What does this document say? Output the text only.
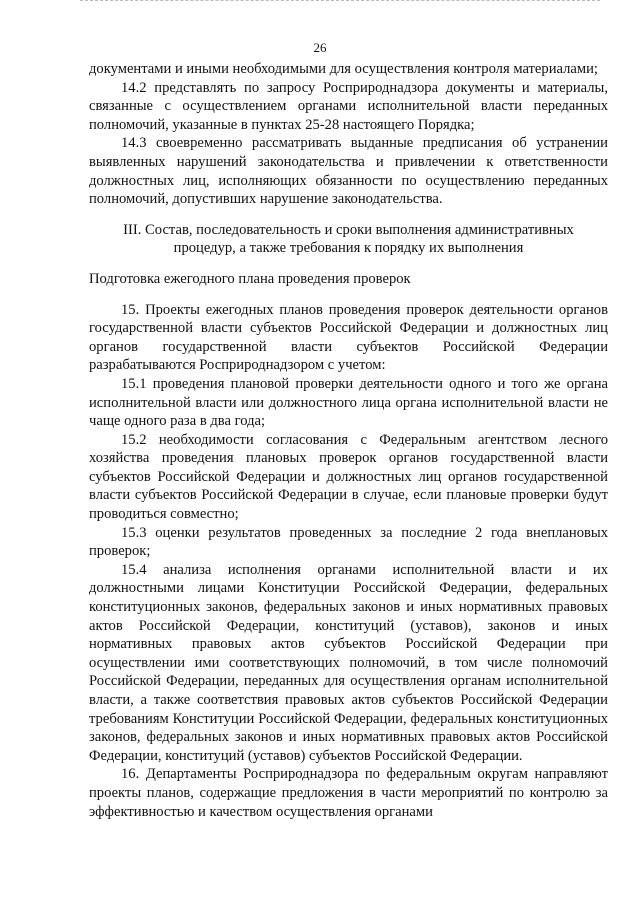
26

документами и иными необходимыми для осуществления контроля материалами;

14.2 представлять по запросу Росприроднадзора документы и материалы, связанные с осуществлением органами исполнительной власти переданных полномочий, указанные в пунктах 25-28 настоящего Порядка;

14.3 своевременно рассматривать выданные предписания об устранении выявленных нарушений законодательства и привлечении к ответственности должностных лиц, исполняющих обязанности по осуществлению переданных полномочий, допустивших нарушение законодательства.

III. Состав, последовательность и сроки выполнения административных
процедур, а также требования к порядку их выполнения

Подготовка ежегодного плана проведения проверок

15. Проекты ежегодных планов проведения проверок деятельности органов государственной власти субъектов Российской Федерации и должностных лиц органов государственной власти субъектов Российской Федерации разрабатываются Росприроднадзором с учетом:

15.1 проведения плановой проверки деятельности одного и того же органа исполнительной власти или должностного лица органа исполнительной власти не чаще одного раза в два года;

15.2 необходимости согласования с Федеральным агентством лесного хозяйства проведения плановых проверок органов государственной власти субъектов Российской Федерации и должностных лиц органов государственной власти субъектов Российской Федерации в случае, если плановые проверки будут проводиться совместно;

15.3 оценки результатов проведенных за последние 2 года внеплановых проверок;

15.4 анализа исполнения органами исполнительной власти и их должностными лицами Конституции Российской Федерации, федеральных конституционных законов, федеральных законов и иных нормативных правовых актов Российской Федерации, конституций (уставов), законов и иных нормативных правовых актов субъектов Российской Федерации при осуществлении ими соответствующих полномочий, в том числе полномочий Российской Федерации, переданных для осуществления органам исполнительной власти, а также соответствия правовых актов субъектов Российской Федерации требованиям Конституции Российской Федерации, федеральных конституционных законов, федеральных законов и иных нормативных правовых актов Российской Федерации, конституций (уставов) субъектов Российской Федерации.

16. Департаменты Росприроднадзора по федеральным округам направляют проекты планов, содержащие предложения в части мероприятий по контролю за эффективностью и качеством осуществления органами
